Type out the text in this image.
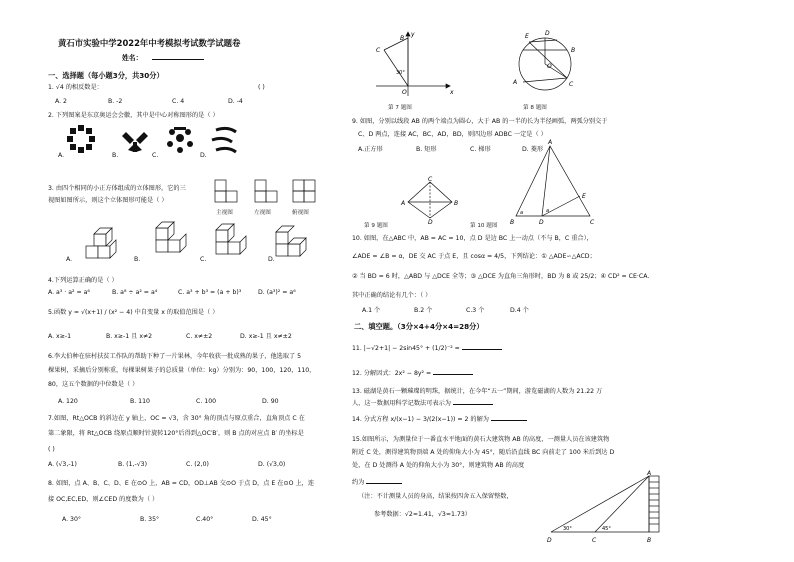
黄石市实验中学2022年中考模拟考试数学试题卷
姓名：
一、选择题（每小题3分，共30分）
1. √4 的相反数是：	( )
A. 2	B. -2	C. 4	D. -4
2. 下列图案是东京奥运会会徽，其中是中心对称图形的是（ ）
A.	B.	C.	D.
3. 由四个相同的小正方体组成的立体图形，它的三
视图如图所示，则这个立体图形可能是（ ）
主视图	左视图	俯视图
A.	B.	C.	D.
4.下列运算正确的是（ ）
A. a³ · a² = a⁶	B. a⁸ ÷ a² = a⁴	C. a³ + b³ = (a + b)³	D. (a³)² = a⁶
5.函数 y = √(x+1) / (x² − 4) 中自变量 x 的取值范围是（ ）
A. x≥-1	B. x≥-1 且 x≠2	C. x≠±2	D. x≥-1 且 x≠±2
6.李大伯种在驻村扶贫工作队的帮助下种了一片果林，今年收获一批成熟的果子，他选取了 5
棵果树，采摘后分别称重，每棵果树果子的总质量（单位：kg）分别为：90，100，120，110，
80，这五个数据的中位数是（ ）
A. 120	B. 110	C. 100	D. 90
7.如图，Rt△OCB 的斜边在 y 轴上，OC = √3，含 30° 角的顶点与原点重合，直角顶点 C 在
第二象限，将 Rt△OCB 绕原点顺时针旋转120°后得到△OC′B′，则 B 点的对应点 B′ 的坐标是
( )
A. (√3,-1)	B. (1,-√3)	C. (2,0)	D. (√3,0)
8. 如图，点 A、B、C、D、E 在⊙O 上，AB = CD，OD⊥AB 交⊙O 于点 D，点 E 在⊙O 上，连
接 OC,EC,ED，则∠CED 的度数为（ ）
A. 30°	B. 35°	C.40°	D. 45°
y
B
C
30°
O	x
第 7 题图
E	D
B
O
A	C
第 8 题图
9. 如图，分别以线段 AB 的两个端点为圆心，大于 AB 的一半的长为半径画弧，两弧分别交于
C、D 两点，连接 AC，BC，AD，BD，则四边形 ADBC 一定是（ ）
A.正方形	B. 矩形	C. 梯形	D. 菱形
C
A	B
D
第 9 题图
A
E
a	a
B	D	C
第 10 题图
10. 如图，在△ABC 中，AB = AC = 10，点 D 是边 BC 上一动点（不与 B，C 重合），
∠ADE = ∠B = α，DE 交 AC 于点 E，且 cosα = 4/5，下列结论：① △ADE∽△ACD；
② 当 BD = 6 时，△ABD 与 △DCE 全等；③ △DCE 为直角三角形时，BD 为 8 或 25/2；④ CD² = CE·CA.
其中正确的结论有几个：（ ）
A.1 个	B.2 个	C.3 个	D.4 个
二、填空题。（3分×4+4分×4=28分）
11. |−√2+1| − 2sin45° + (1/2)⁻² =
12. 分解因式：2x² − 8y² =
13. 磁湖是黄石一颗璀璨的明珠，据统计，在今年“五一”期间，游览磁湖的人数为 21.22 万
人，这一数据用科学记数法可表示为
14. 分式方程 x/(x−1) − 3/(2(x−1)) = 2 的解为
15.如图所示，为测量位于一番直水平地面的黄石大建筑物 AB 的高度，一测量人员在该建筑物
附近 C 处，测得建筑物顶端 A 处的仰角大小为 45°，随后沿直线 BC 向前走了 100 米后到达 D
处，在 D 处测得 A 处的仰角大小为 30°，则建筑物 AB 的高度
约为
（注：不计测量人员的身高，结果按四舍五入保留整数，
参考数据：√2≈1.41，√3≈1.73）
A
30°	45°
D	C	B
